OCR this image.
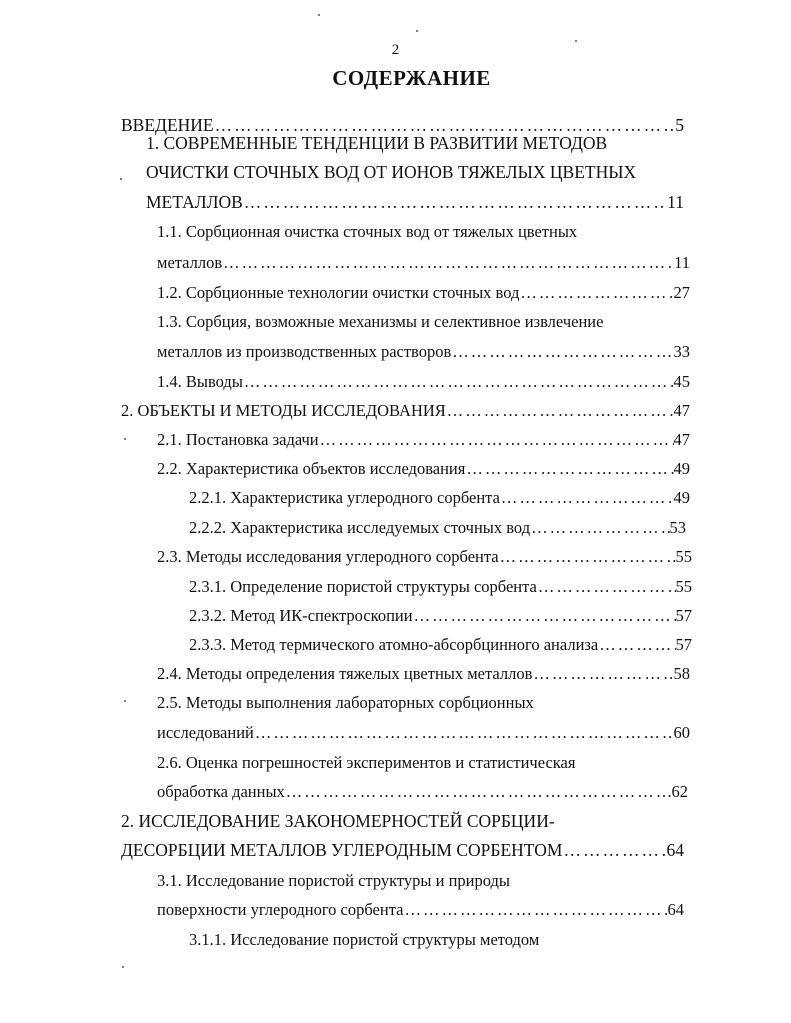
2
СОДЕРЖАНИЕ
ВВЕДЕНИЕ ………………………………………………………………………………………………………………………………………………	5
1. СОВРЕМЕННЫЕ ТЕНДЕНЦИИ В РАЗВИТИИ МЕТОДОВ
ОЧИСТКИ СТОЧНЫХ ВОД ОТ ИОНОВ ТЯЖЕЛЫХ ЦВЕТНЫХ
МЕТАЛЛОВ ………………………………………………………………………………………………………………………………………………	11
1.1. Сорбционная очистка сточных вод от тяжелых цветных
металлов ………………………………………………………………………………………………………………………………………………	11
1.2. Сорбционные технологии очистки сточных вод ………………………………………………………………………………………………………………………………………………	27
1.3. Сорбция, возможные механизмы и селективное извлечение
металлов из производственных растворов ………………………………………………………………………………………………………………………………………………	33
1.4. Выводы ………………………………………………………………………………………………………………………………………………	45
2. ОБЪЕКТЫ И МЕТОДЫ ИССЛЕДОВАНИЯ ………………………………………………………………………………………………………………………………………………	47
2.1. Постановка задачи ………………………………………………………………………………………………………………………………………………	47
2.2. Характеристика объектов исследования ………………………………………………………………………………………………………………………………………………	49
2.2.1. Характеристика углеродного сорбента ………………………………………………………………………………………………………………………………………………	49
2.2.2. Характеристика исследуемых сточных вод ………………………………………………………………………………………………………………………………………………	53
2.3. Методы исследования углеродного сорбента ………………………………………………………………………………………………………………………………………………	55
2.3.1. Определение пористой структуры сорбента ………………………………………………………………………………………………………………………………………………	55
2.3.2. Метод ИК-спектроскопии ………………………………………………………………………………………………………………………………………………	57
2.3.3. Метод термического атомно-абсорбцинного анализа ………………………………………………………………………………………………………………………………………………	57
2.4. Методы определения тяжелых цветных металлов ………………………………………………………………………………………………………………………………………………	58
2.5. Методы выполнения лабораторных сорбционных
исследований ………………………………………………………………………………………………………………………………………………	60
2.6. Оценка погрешностей экспериментов и статистическая
обработка данных ………………………………………………………………………………………………………………………………………………	62
2. ИССЛЕДОВАНИЕ ЗАКОНОМЕРНОСТЕЙ СОРБЦИИ-
ДЕСОРБЦИИ МЕТАЛЛОВ УГЛЕРОДНЫМ СОРБЕНТОМ ………………………………………………………………………………………………………………………………………………	64
3.1. Исследование пористой структуры и природы
поверхности углеродного сорбента ………………………………………………………………………………………………………………………………………………	64
3.1.1. Исследование пористой структуры методом
